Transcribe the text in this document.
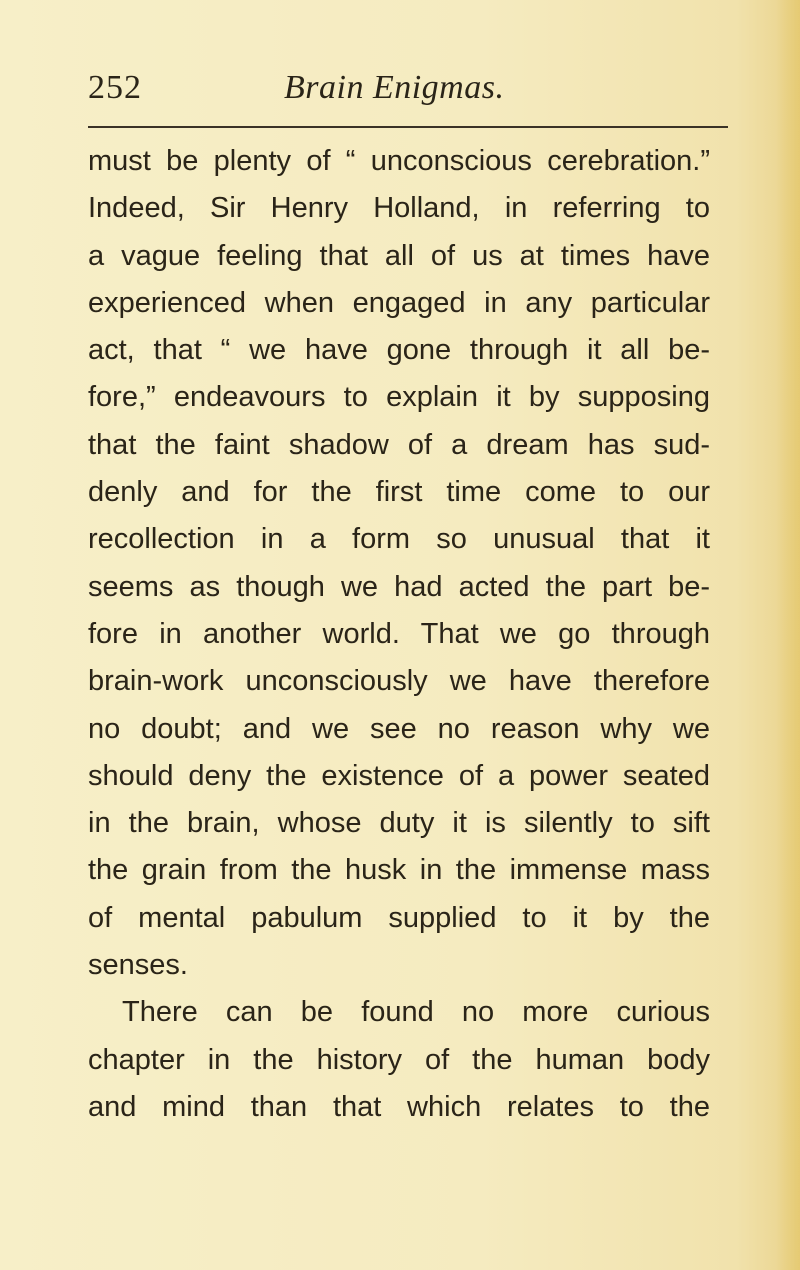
252	Brain Enigmas.
must be plenty of “ unconscious cerebration.”
Indeed, Sir Henry Holland, in referring to
a vague feeling that all of us at times have
experienced when engaged in any particular
act, that “ we have gone through it all be-
fore,” endeavours to explain it by supposing
that the faint shadow of a dream has sud-
denly and for the first time come to our
recollection in a form so unusual that it
seems as though we had acted the part be-
fore in another world. That we go through
brain-work unconsciously we have therefore
no doubt; and we see no reason why we
should deny the existence of a power seated
in the brain, whose duty it is silently to sift
the grain from the husk in the immense mass
of mental pabulum supplied to it by the
senses.
There can be found no more curious
chapter in the history of the human body
and mind than that which relates to the
